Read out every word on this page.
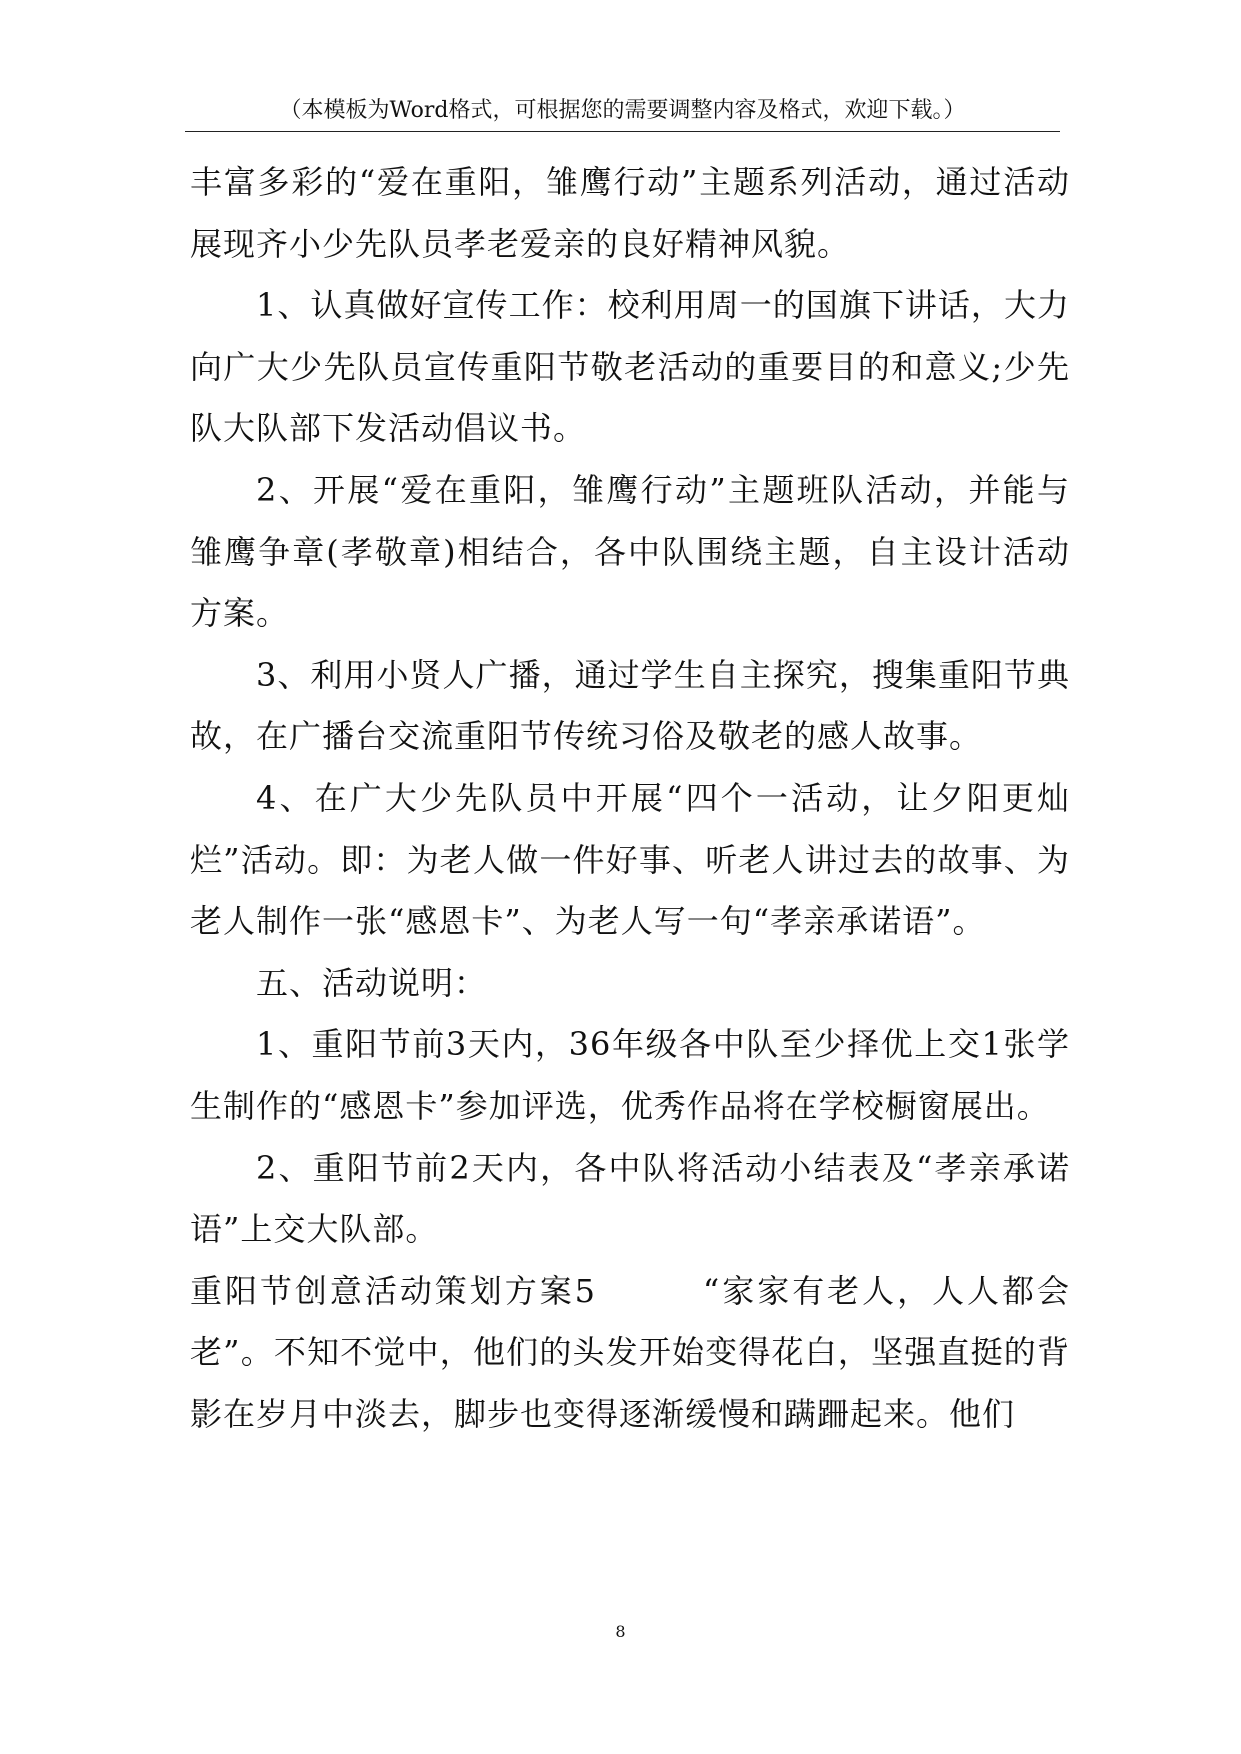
（本模板为Word格式，可根据您的需要调整内容及格式，欢迎下载。）

丰富多彩的“爱在重阳，雏鹰行动”主题系列活动，通过活动展现齐小少先队员孝老爱亲的良好精神风貌。

1、认真做好宣传工作：校利用周一的国旗下讲话，大力向广大少先队员宣传重阳节敬老活动的重要目的和意义;少先队大队部下发活动倡议书。

2、开展“爱在重阳，雏鹰行动”主题班队活动，并能与雏鹰争章(孝敬章)相结合，各中队围绕主题，自主设计活动方案。

3、利用小贤人广播，通过学生自主探究，搜集重阳节典故，在广播台交流重阳节传统习俗及敬老的感人故事。

4、在广大少先队员中开展“四个一活动，让夕阳更灿烂”活动。即：为老人做一件好事、听老人讲过去的故事、为老人制作一张“感恩卡”、为老人写一句“孝亲承诺语”。

五、活动说明：

1、重阳节前3天内，36年级各中队至少择优上交1张学生制作的“感恩卡”参加评选，优秀作品将在学校橱窗展出。

2、重阳节前2天内，各中队将活动小结表及“孝亲承诺语”上交大队部。

重阳节创意活动策划方案5　　　“家家有老人，人人都会老”。不知不觉中，他们的头发开始变得花白，坚强直挺的背影在岁月中淡去，脚步也变得逐渐缓慢和蹒跚起来。他们

8
